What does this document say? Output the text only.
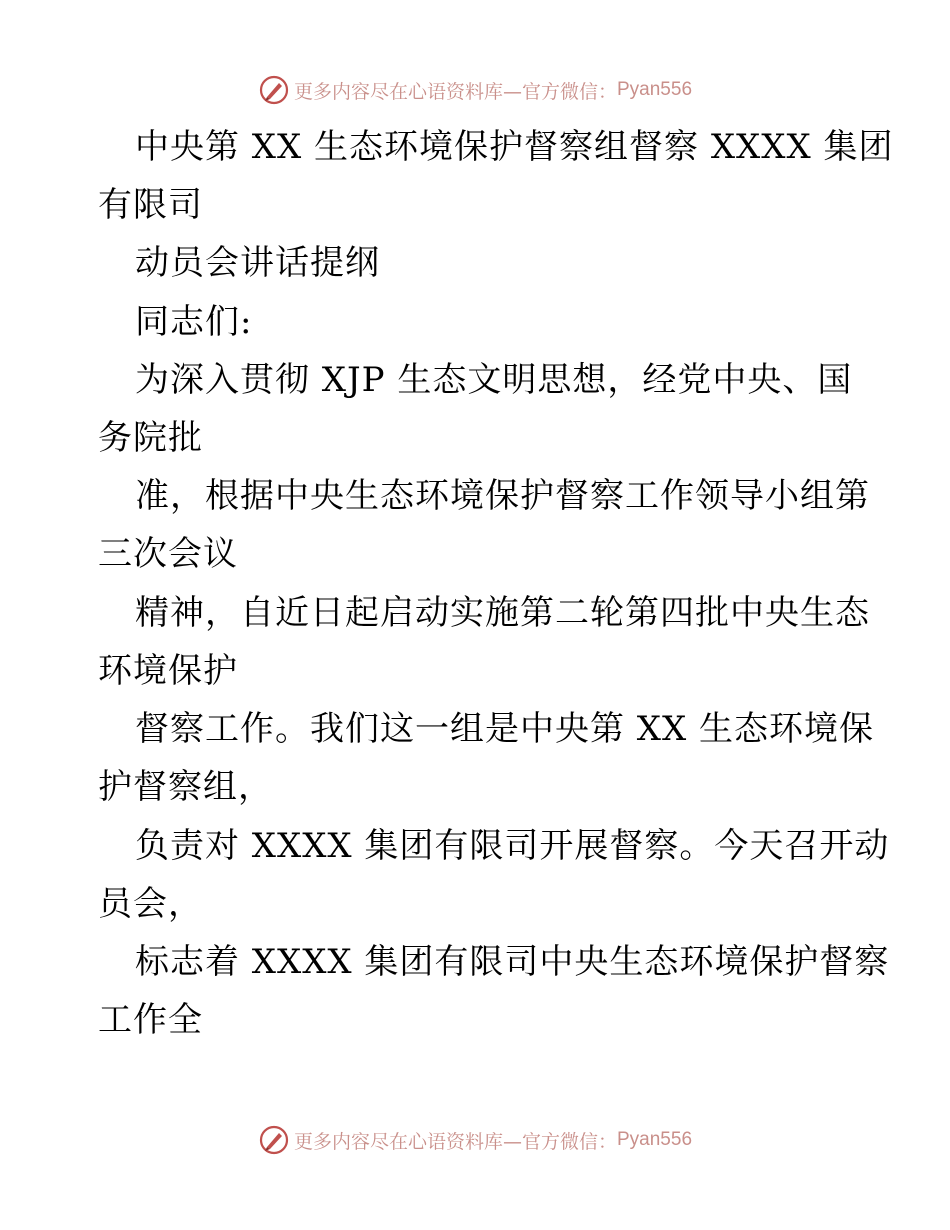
更多内容尽在心语资料库—官方微信： Pyan556
中央第 XX 生态环境保护督察组督察 XXXX 集团
有限司
动员会讲话提纲
同志们:
为深入贯彻 XJP 生态文明思想，经党中央、国
务院批
准，根据中央生态环境保护督察工作领导小组第
三次会议
精神，自近日起启动实施第二轮第四批中央生态
环境保护
督察工作。我们这一组是中央第 XX 生态环境保
护督察组，
负责对 XXXX 集团有限司开展督察。今天召开动
员会，
标志着 XXXX 集团有限司中央生态环境保护督察
工作全
更多内容尽在心语资料库—官方微信： Pyan556
